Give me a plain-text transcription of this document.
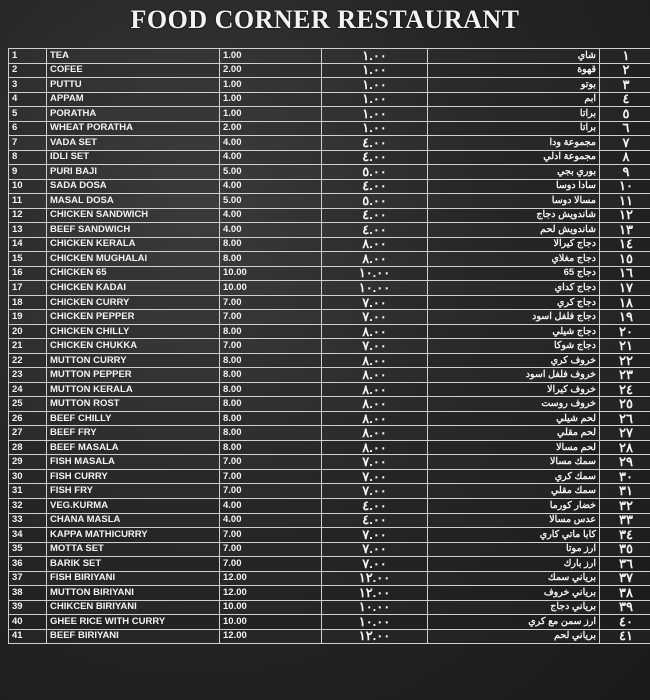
FOOD CORNER RESTAURANT
1	TEA	1.00	١.٠٠	شاي	١
2	COFEE	2.00	١.٠٠	قهوة	٢
3	PUTTU	1.00	١.٠٠	بوتو	٣
4	APPAM	1.00	١.٠٠	ابم	٤
5	PORATHA	1.00	١.٠٠	براتا	٥
6	WHEAT PORATHA	2.00	١.٠٠	براتا	٦
7	VADA SET	4.00	٤.٠٠	مجموعة ودا	٧
8	IDLI SET	4.00	٤.٠٠	مجموعة ادلي	٨
9	PURI BAJI	5.00	٥.٠٠	بوري بجي	٩
10	SADA DOSA	4.00	٤.٠٠	سادا دوسا	١٠
11	MASAL DOSA	5.00	٥.٠٠	مسالا دوسا	١١
12	CHICKEN SANDWICH	4.00	٤.٠٠	شاندويش دجاج	١٢
13	BEEF SANDWICH	4.00	٤.٠٠	شاندويش لحم	١٣
14	CHICKEN KERALA	8.00	٨.٠٠	دجاج كيرالا	١٤
15	CHICKEN MUGHALAI	8.00	٨.٠٠	دجاج مغلاي	١٥
16	CHICKEN 65	10.00	١٠.٠٠	دجاج 65	١٦
17	CHICKEN KADAI	10.00	١٠.٠٠	دجاج كداي	١٧
18	CHICKEN CURRY	7.00	٧.٠٠	دجاج كري	١٨
19	CHICKEN PEPPER	7.00	٧.٠٠	دجاج فلفل اسود	١٩
20	CHICKEN CHILLY	8.00	٨.٠٠	دجاج شيلي	٢٠
21	CHICKEN CHUKKA	7.00	٧.٠٠	دجاج شوكا	٢١
22	MUTTON CURRY	8.00	٨.٠٠	خروف كري	٢٢
23	MUTTON PEPPER	8.00	٨.٠٠	خروف فلفل اسود	٢٣
24	MUTTON KERALA	8.00	٨.٠٠	خروف كيرالا	٢٤
25	MUTTON ROST	8.00	٨.٠٠	خروف روست	٢٥
26	BEEF CHILLY	8.00	٨.٠٠	لحم شيلي	٢٦
27	BEEF FRY	8.00	٨.٠٠	لحم مقلي	٢٧
28	BEEF MASALA	8.00	٨.٠٠	لحم مسالا	٢٨
29	FISH MASALA	7.00	٧.٠٠	سمك مسالا	٢٩
30	FISH CURRY	7.00	٧.٠٠	سمك كري	٣٠
31	FISH FRY	7.00	٧.٠٠	سمك مقلي	٣١
32	VEG.KURMA	4.00	٤.٠٠	خضار كورما	٣٢
33	CHANA MASLA	4.00	٤.٠٠	عدس مسالا	٣٣
34	KAPPA MATHICURRY	7.00	٧.٠٠	كابا ماتي كاري	٣٤
35	MOTTA SET	7.00	٧.٠٠	ارز موتا	٣٥
36	BARIK SET	7.00	٧.٠٠	ارز بارك	٣٦
37	FISH BIRIYANI	12.00	١٢.٠٠	برياني سمك	٣٧
38	MUTTON BIRIYANI	12.00	١٢.٠٠	برياني خروف	٣٨
39	CHIKCEN BIRIYANI	10.00	١٠.٠٠	برياني دجاج	٣٩
40	GHEE RICE WITH CURRY	10.00	١٠.٠٠	ارز سمن مع كري	٤٠
41	BEEF BIRIYANI	12.00	١٢.٠٠	برياني لحم	٤١
